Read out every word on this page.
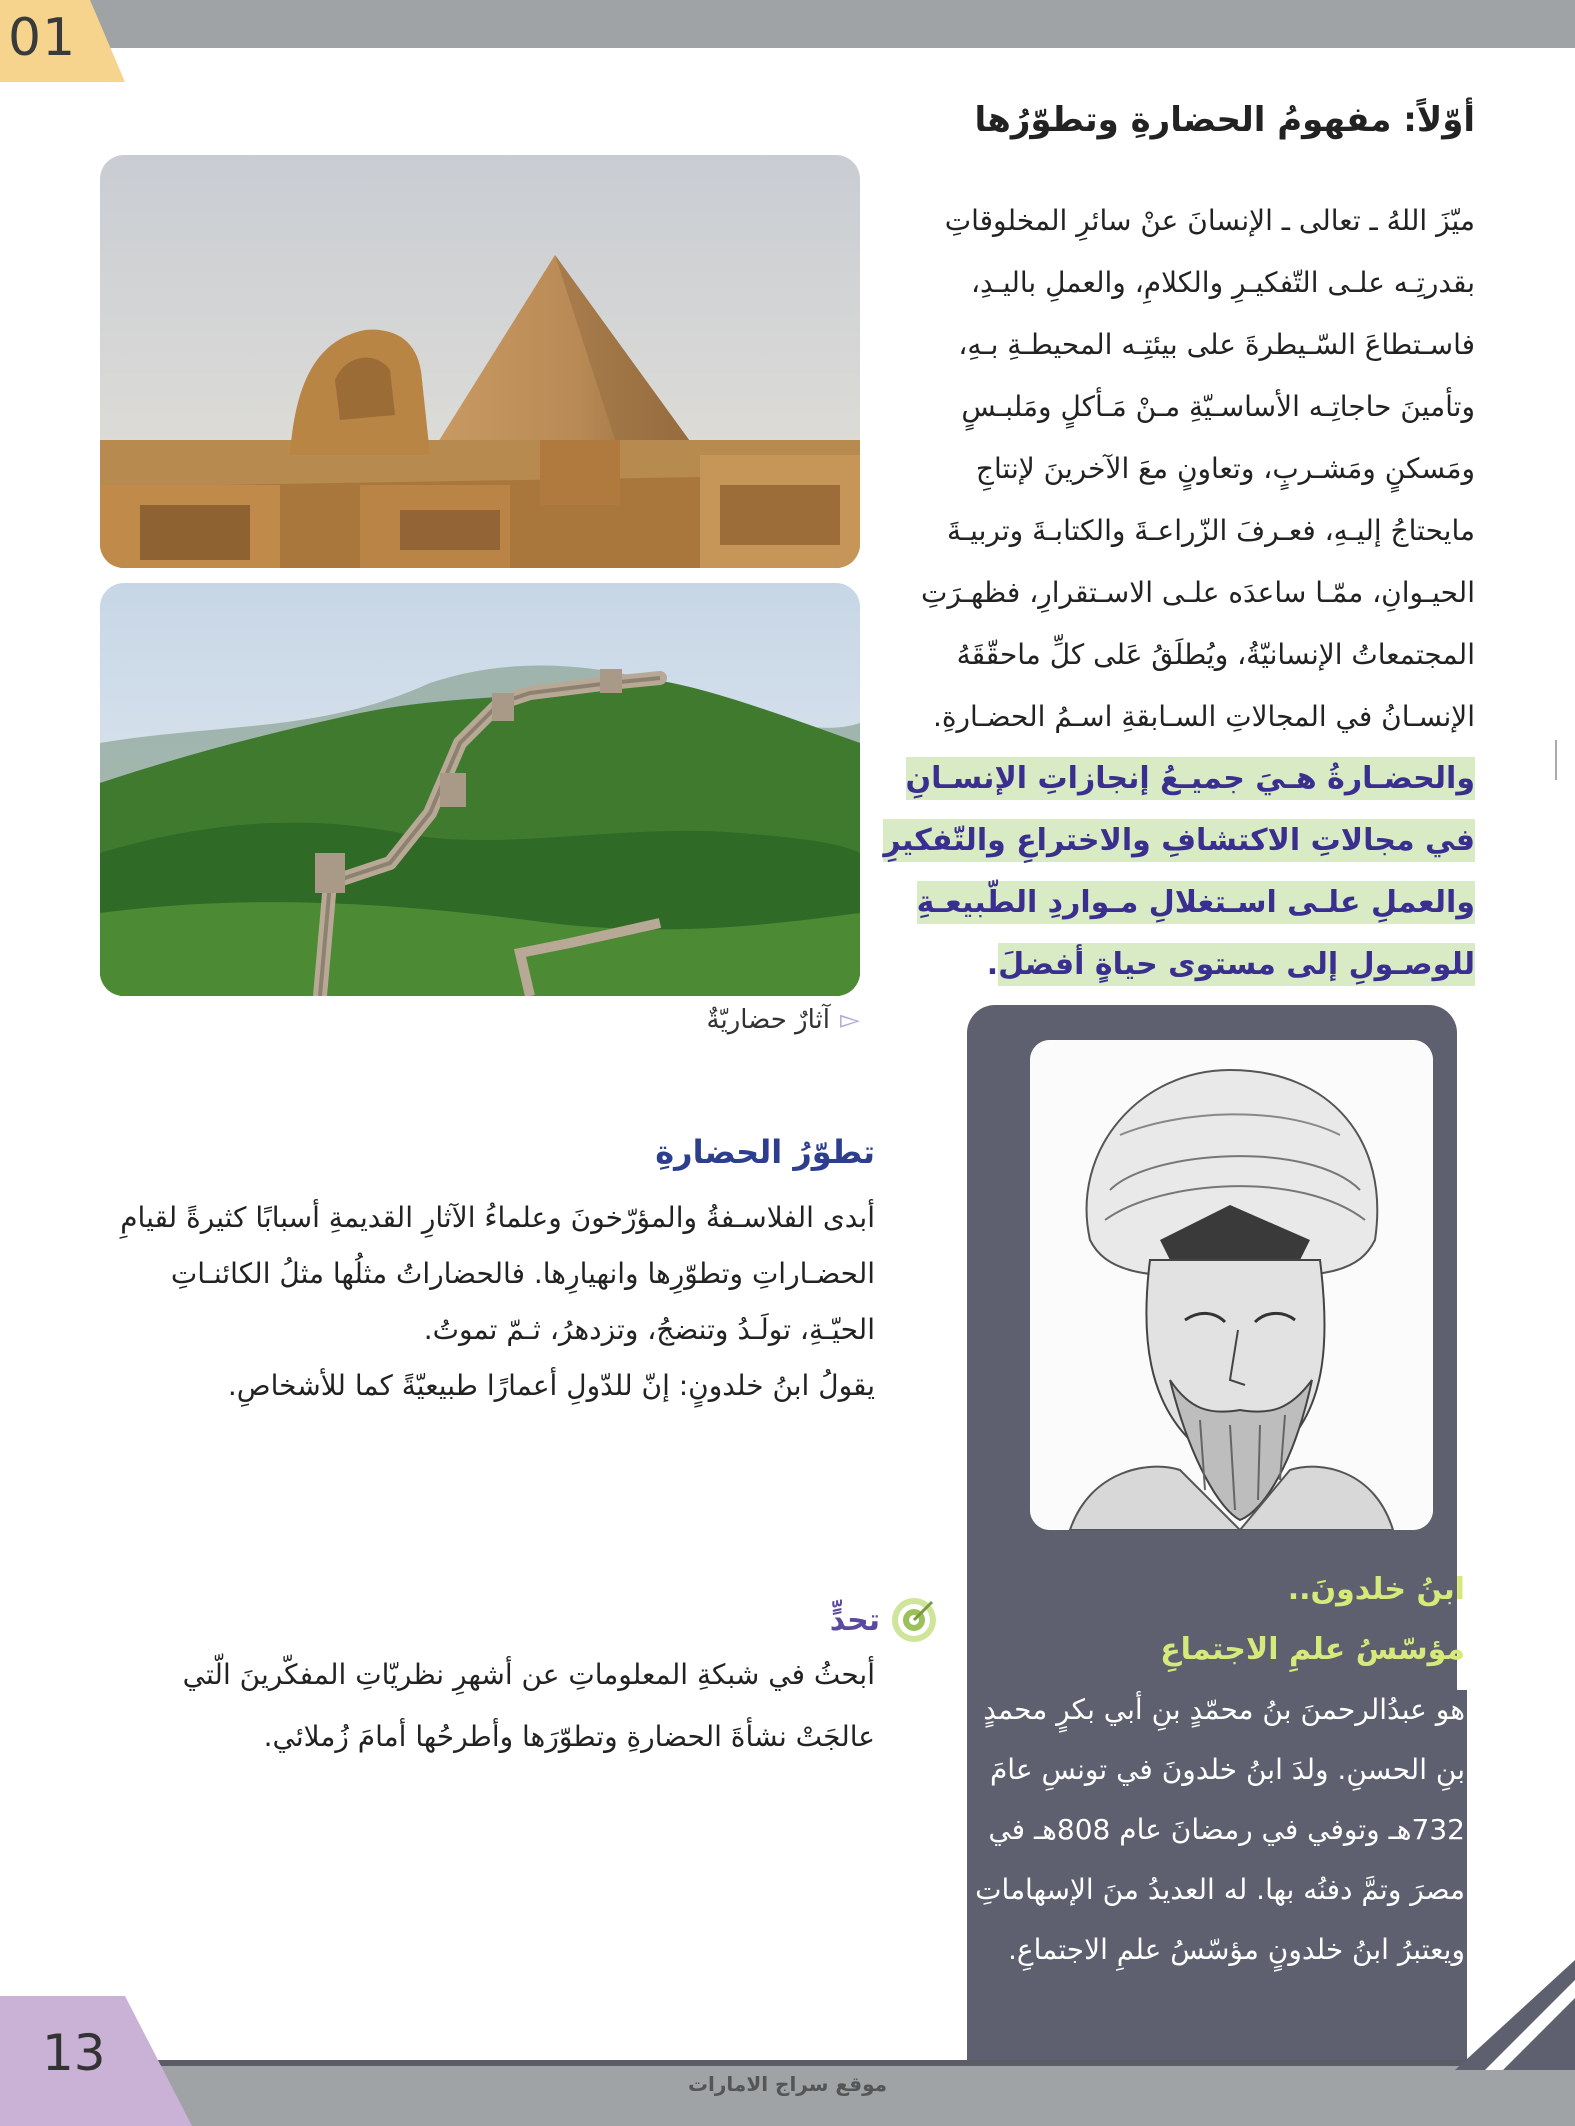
01
موقع سراج الامارات
13
أوّلاً: مفهومُ الحضارةِ وتطوّرُها
ميّزَ اللهُ ـ تعالى ـ الإنسانَ عنْ سائرِ المخلوقاتِ بقدرتِـه علـى التّفكيـرِ والكلامِ، والعملِ باليـدِ، فاسـتطاعَ السّـيطرةَ على بيئتِـه المحيطـةِ بـهِ، وتأمينَ حاجاتِـه الأساسـيّةِ مـنْ مَـأكلٍ ومَلبـسٍ ومَسكنٍ ومَشـربٍ، وتعاونٍ معَ الآخرينَ لإنتاجِ مايحتاجُ إليـهِ، فعـرفَ الزّراعـةَ والكتابـةَ وتربيـةَ الحيـوانِ، ممّـا ساعدَه علـى الاسـتقرارِ، فظهـرَتِ المجتمعاتُ الإنسانيّةُ، ويُطلَقُ عَلى كلِّ ماحقّقَهُ الإنسـانُ في المجالاتِ السـابقةِ اسـمُ الحضـارةِ.
والحضـارةُ هـيَ جميـعُ إنجازاتِ الإنسـانِ في مجالاتِ الاكتشافِ والاختراعِ والتّفكيرِ والعملِ علـى اسـتغلالِ مـواردِ الطّبيعـةِ للوصـولِ إلى مستوى حياةٍ أفضلَ.
▻
آثارٌ حضاريّةٌ
تطوّرُ الحضارةِ

أبدى الفلاسـفةُ والمؤرّخونَ وعلماءُ الآثارِ القديمةِ أسبابًا كثيرةً لقيامِ الحضـاراتِ وتطوّرِها وانهيارِها. فالحضاراتُ مثلُها مثلُ الكائنـاتِ الحيّـةِ، تولَـدُ وتنضجُ، وتزدهرُ، ثـمّ تموتُ.

يقولُ ابنُ خلدونٍ: إنّ للدّولِ أعمارًا طبيعيّةً كما للأشخاصِ.

تحدٍّ
أبحثُ في شبكةِ المعلوماتِ عن أشهرِ نظريّاتِ المفكّرينَ الّتي عالجَتْ نشأةَ الحضارةِ وتطوّرَها وأطرحُها أمامَ زُملائي.
ابنُ خلدونَ..
مؤسّسُ علمِ الاجتماعِ
هو عبدُالرحمنَ بنُ محمّدٍ بنِ أبي بكرٍ محمدٍ بنِ الحسنِ. ولدَ ابنُ خلدونَ في تونسِ عامَ 732هـ وتوفي في رمضانَ عام 808هـ في مصرَ وتمَّ دفنُه بها. له العديدُ منَ الإسهاماتِ ويعتبرُ ابنُ خلدونٍ مؤسّسُ علمِ الاجتماعِ.
